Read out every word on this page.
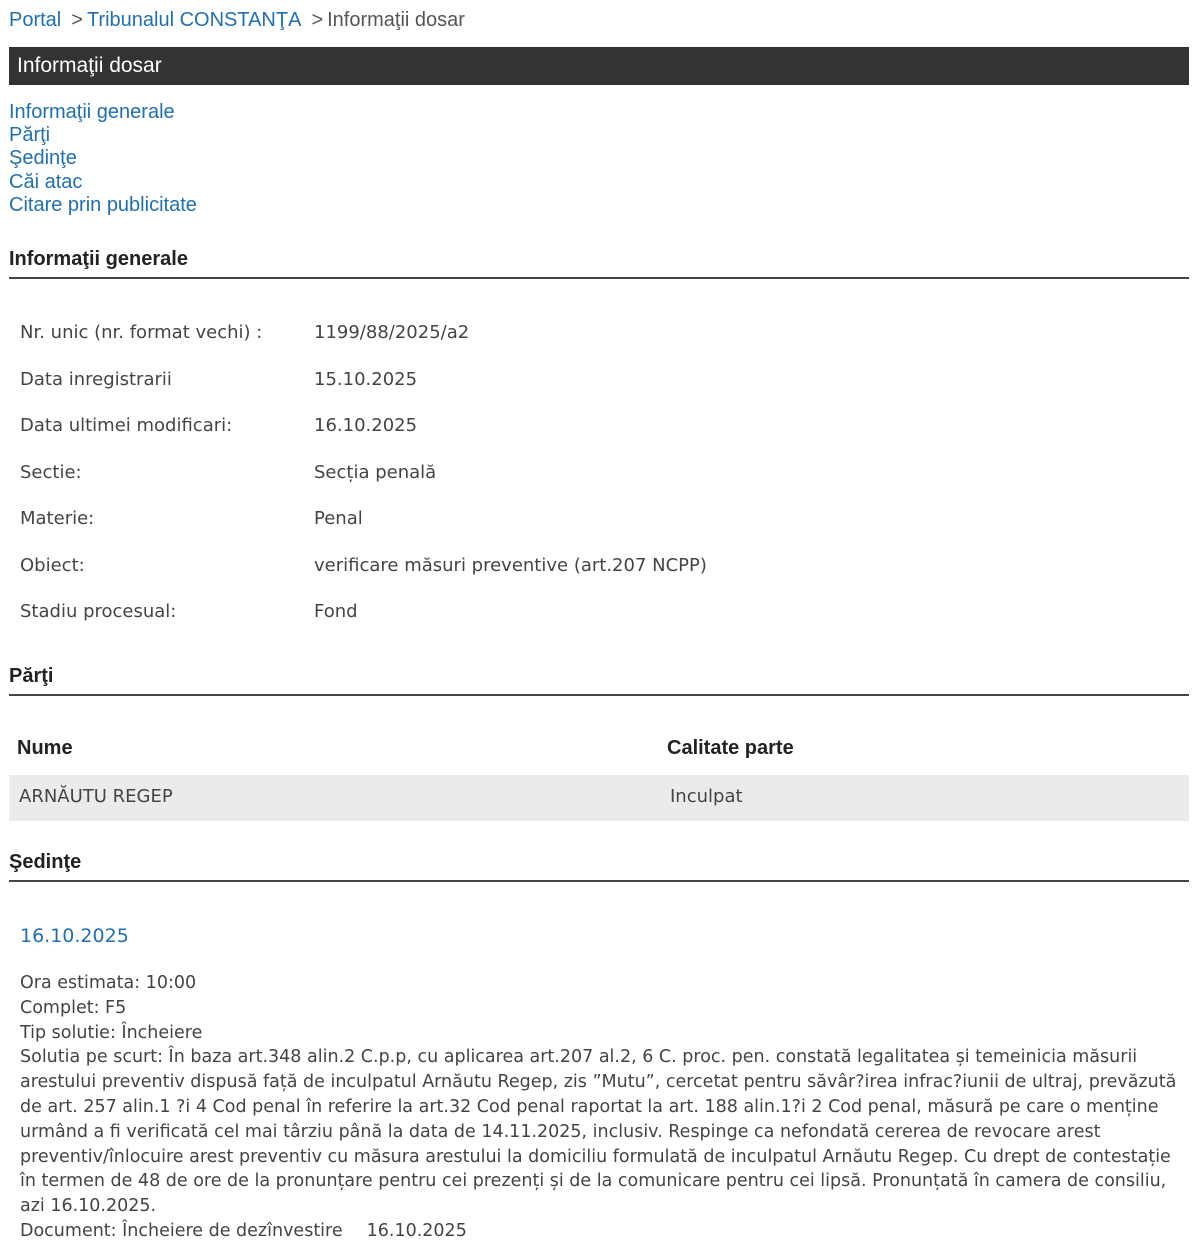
Portal > Tribunalul CONSTANŢA > Informaţii dosar
Informaţii dosar
Informaţii generale
Părţi
Şedinţe
Căi atac
Citare prin publicitate
Informaţii generale
Nr. unic (nr. format vechi) :	1199/88/2025/a2
Data inregistrarii	15.10.2025
Data ultimei modificari:	16.10.2025
Sectie:	Secția penală
Materie:	Penal
Obiect:	verificare măsuri preventive (art.207 NCPP)
Stadiu procesual:	Fond
Părţi
Nume	Calitate parte
ARNĂUTU REGEP	Inculpat
Şedinţe
16.10.2025
Ora estimata: 10:00
Complet: F5
Tip solutie: Încheiere
Solutia pe scurt: În baza art.348 alin.2 C.p.p, cu aplicarea art.207 al.2, 6 C. proc. pen. constată legalitatea și temeinicia măsurii arestului preventiv dispusă față de inculpatul Arnăutu Regep, zis ”Mutu”, cercetat pentru săvâr?irea infrac?iunii de ultraj, prevăzută de art. 257 alin.1 ?i 4 Cod penal în referire la art.32 Cod penal raportat la art. 188 alin.1?i 2 Cod penal, măsură pe care o menține urmând a fi verificată cel mai târziu până la data de 14.11.2025, inclusiv. Respinge ca nefondată cererea de revocare arest preventiv/înlocuire arest preventiv cu măsura arestului la domiciliu formulată de inculpatul Arnăutu Regep. Cu drept de contestație în termen de 48 de ore de la pronunțare pentru cei prezenți și de la comunicare pentru cei lipsă. Pronunțată în camera de consiliu, azi 16.10.2025.
Document: Încheiere de dezînvestire 16.10.2025
